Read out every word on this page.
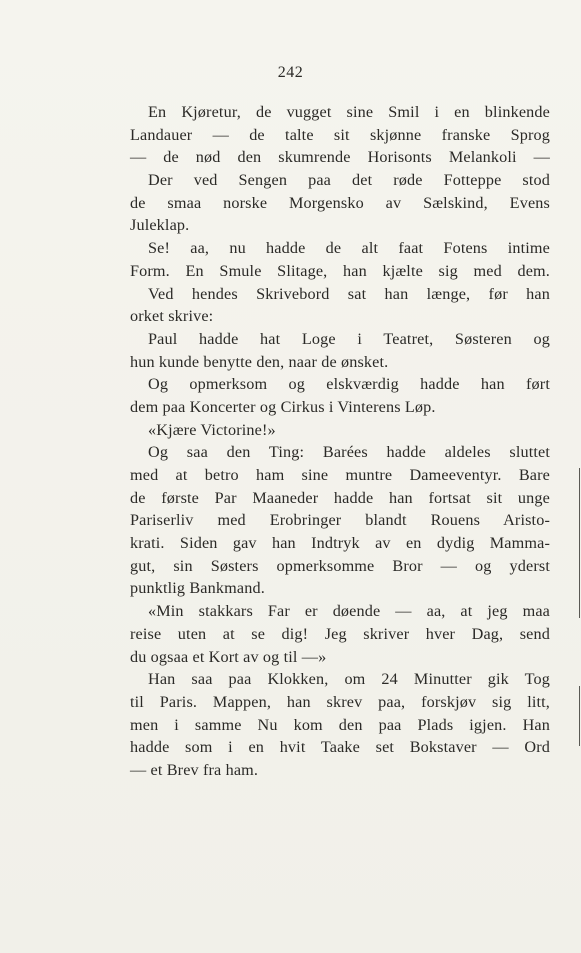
242
En Kjøretur, de vugget sine Smil i en blinkende
Landauer — de talte sit skjønne franske Sprog
— de nød den skumrende Horisonts Melankoli —
Der ved Sengen paa det røde Fotteppe stod
de smaa norske Morgensko av Sælskind, Evens
Juleklap.
Se! aa, nu hadde de alt faat Fotens intime
Form. En Smule Slitage, han kjælte sig med dem.
Ved hendes Skrivebord sat han længe, før han
orket skrive:
Paul hadde hat Loge i Teatret, Søsteren og
hun kunde benytte den, naar de ønsket.
Og opmerksom og elskværdig hadde han ført
dem paa Koncerter og Cirkus i Vinterens Løp.
«Kjære Victorine!»
Og saa den Ting: Barées hadde aldeles sluttet
med at betro ham sine muntre Dameeventyr. Bare
de første Par Maaneder hadde han fortsat sit unge
Pariserliv med Erobringer blandt Rouens Aristo-
krati. Siden gav han Indtryk av en dydig Mamma-
gut, sin Søsters opmerksomme Bror — og yderst
punktlig Bankmand.
«Min stakkars Far er døende — aa, at jeg maa
reise uten at se dig! Jeg skriver hver Dag, send
du ogsaa et Kort av og til —»
Han saa paa Klokken, om 24 Minutter gik Tog
til Paris. Mappen, han skrev paa, forskjøv sig litt,
men i samme Nu kom den paa Plads igjen. Han
hadde som i en hvit Taake set Bokstaver — Ord
— et Brev fra ham.
